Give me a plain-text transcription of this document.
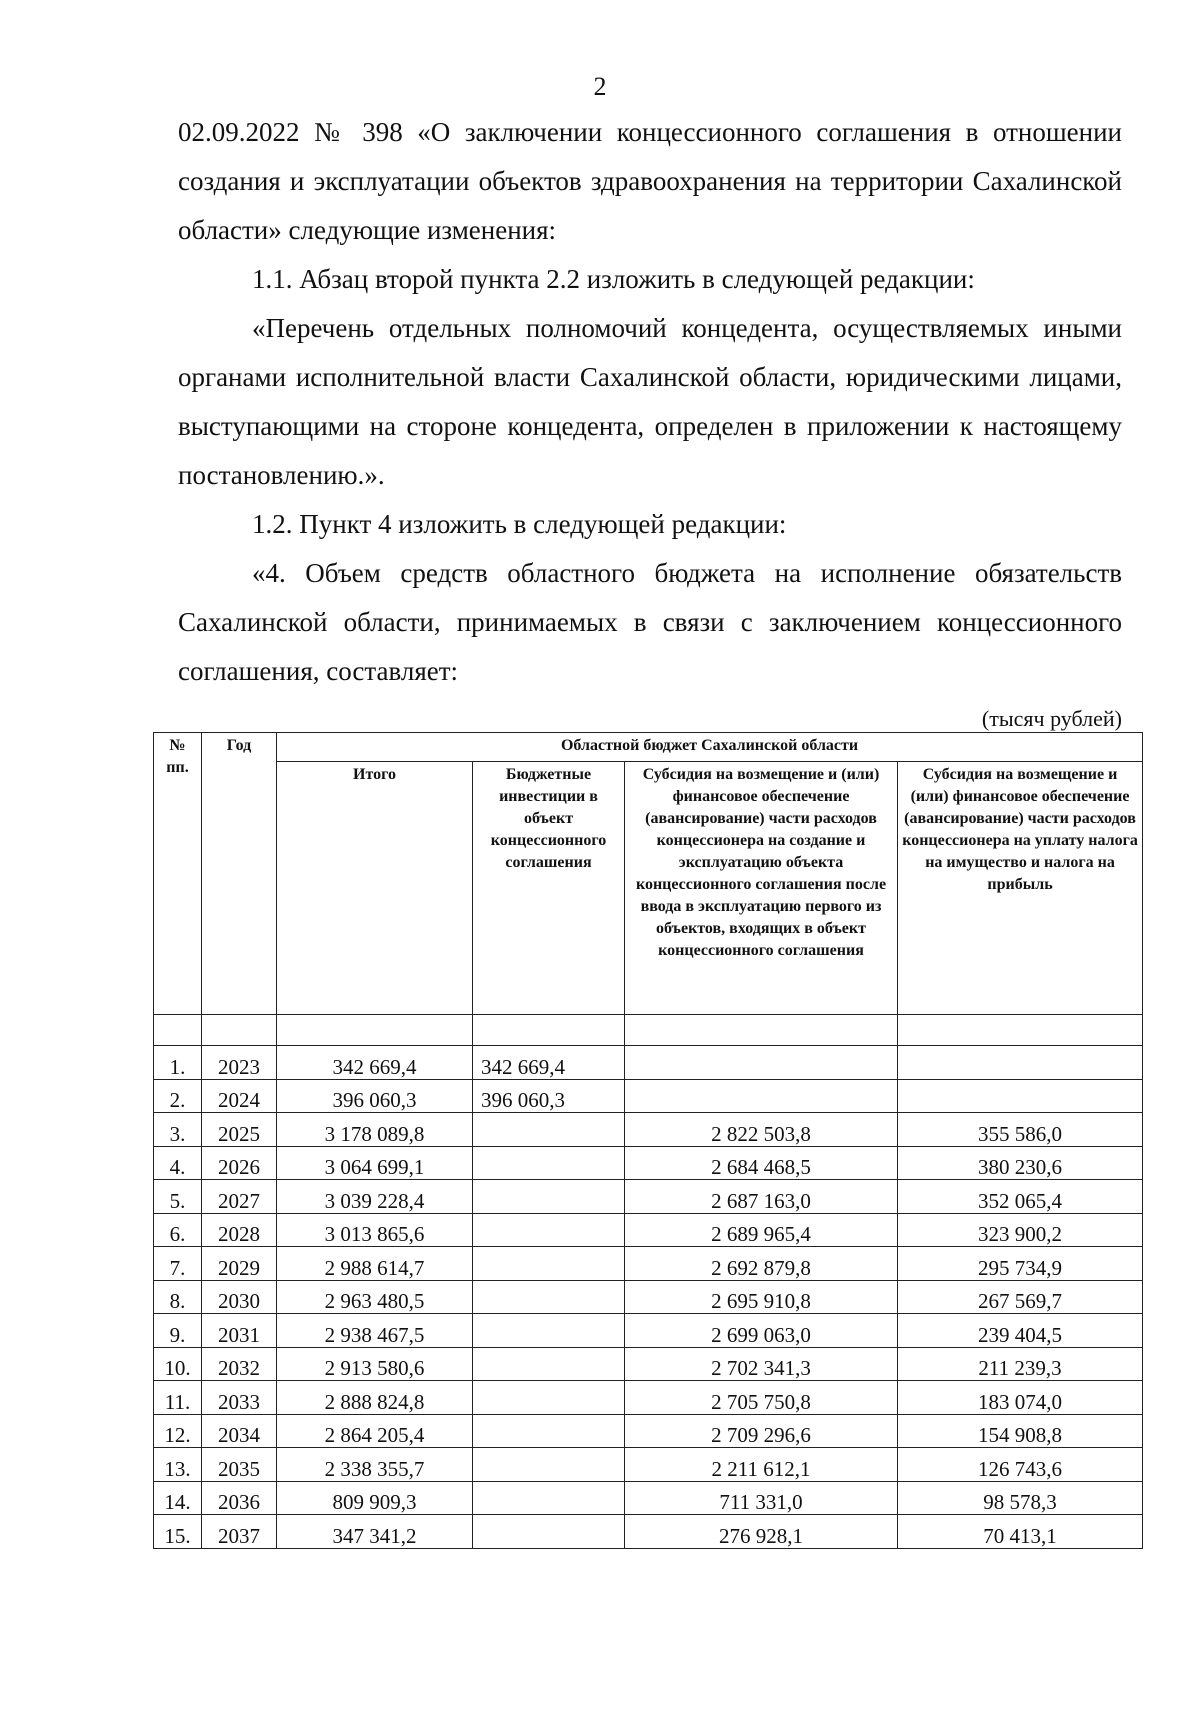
2

02.09.2022 № 398 «О заключении концессионного соглашения в отношении создания и эксплуатации объектов здравоохранения на территории Сахалинской области» следующие изменения:

1.1. Абзац второй пункта 2.2 изложить в следующей редакции:

«Перечень отдельных полномочий концедента, осуществляемых иными органами исполнительной власти Сахалинской области, юридическими лицами, выступающими на стороне концедента, определен в приложении к настоящему постановлению.».

1.2. Пункт 4 изложить в следующей редакции:

«4. Объем средств областного бюджета на исполнение обязательств Сахалинской области, принимаемых в связи с заключением концессионного соглашения, составляет:

(тысяч рублей)
№ пп.	Год	Областной бюджет Сахалинской области			
		Итого	Бюджетные инвестиции в объект концессионного соглашения	Субсидия на возмещение и (или) финансовое обеспечение (авансирование) части расходов концессионера на создание и эксплуатацию объекта концессионного соглашения после ввода в эксплуатацию первого из объектов, входящих в объект концессионного соглашения	Субсидия на возмещение и (или) финансовое обеспечение (авансирование) части расходов концессионера на уплату налога на имущество и налога на прибыль

1.	2023	342 669,4	342 669,4		
2.	2024	396 060,3	396 060,3		
3.	2025	3 178 089,8		2 822 503,8	355 586,0
4.	2026	3 064 699,1		2 684 468,5	380 230,6
5.	2027	3 039 228,4		2 687 163,0	352 065,4
6.	2028	3 013 865,6		2 689 965,4	323 900,2
7.	2029	2 988 614,7		2 692 879,8	295 734,9
8.	2030	2 963 480,5		2 695 910,8	267 569,7
9.	2031	2 938 467,5		2 699 063,0	239 404,5
10.	2032	2 913 580,6		2 702 341,3	211 239,3
11.	2033	2 888 824,8		2 705 750,8	183 074,0
12.	2034	2 864 205,4		2 709 296,6	154 908,8
13.	2035	2 338 355,7		2 211 612,1	126 743,6
14.	2036	809 909,3		711 331,0	98 578,3
15.	2037	347 341,2		276 928,1	70 413,1
